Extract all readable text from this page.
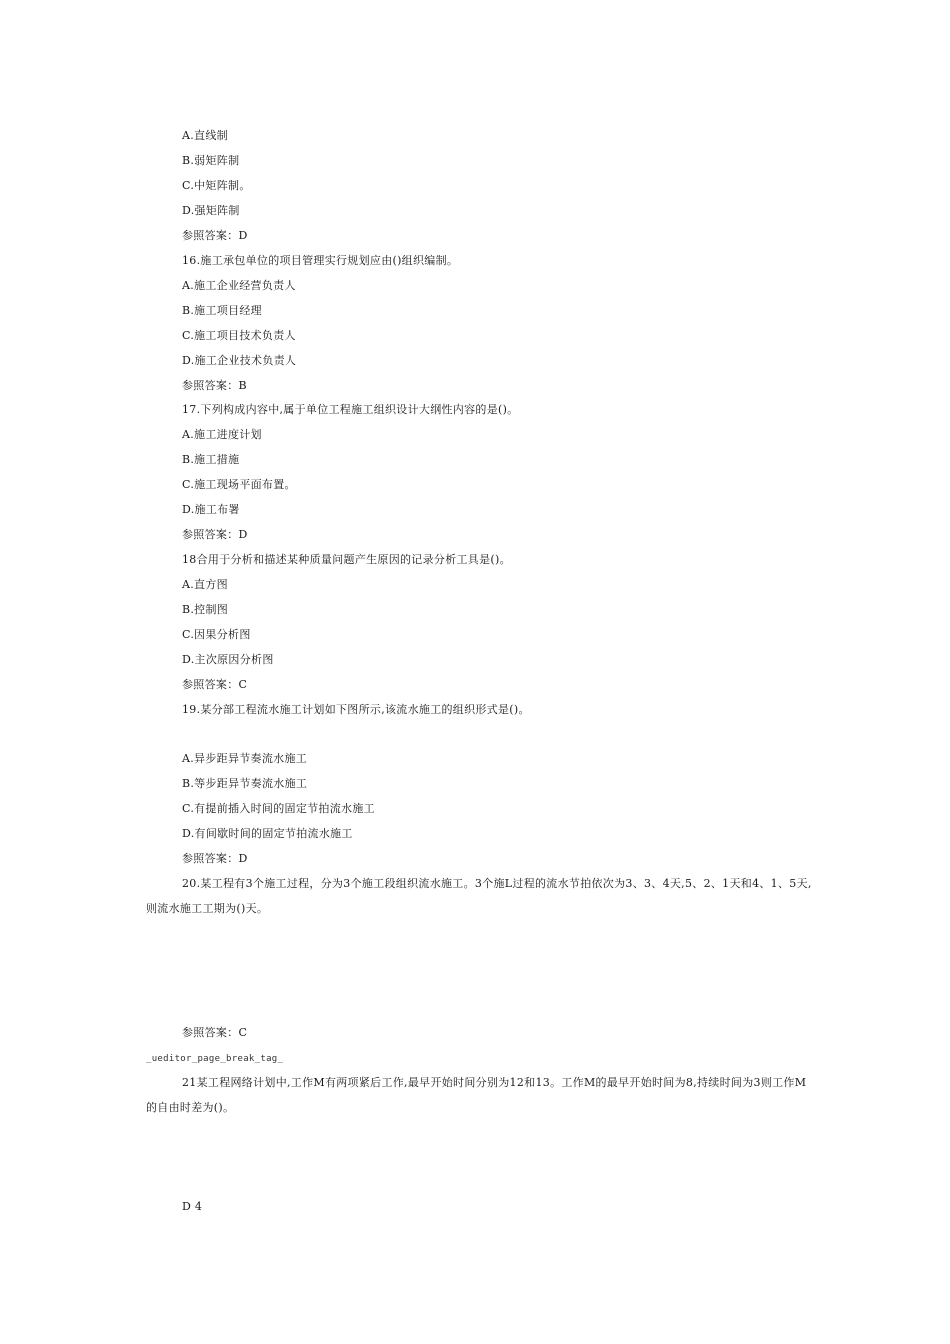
A.直线制
B.弱矩阵制
C.中矩阵制。
D.强矩阵制
参照答案：D
16.施工承包单位的项目管理实行规划应由()组织编制。
A.施工企业经营负责人
B.施工项目经理
C.施工项目技术负责人
D.施工企业技术负责人
参照答案：B
17.下列构成内容中,属于单位工程施工组织设计大纲性内容的是()。
A.施工进度计划
B.施工措施
C.施工现场平面布置。
D.施工布署
参照答案：D
18合用于分析和描述某种质量问题产生原因的记录分析工具是()。
A.直方图
B.控制图
C.因果分析图
D.主次原因分析图
参照答案：C
19.某分部工程流水施工计划如下图所示,该流水施工的组织形式是()。
A.异步距异节奏流水施工
B.等步距异节奏流水施工
C.有提前插入时间的固定节拍流水施工
D.有间歇时间的固定节拍流水施工
参照答案：D
20.某工程有3个施工过程，分为3个施工段组织流水施工。3个施L过程的流水节拍依次为3、3、4天,5、2、1天和4、1、5天,
则流水施工工期为()天。
参照答案：C
_ueditor_page_break_tag_
21某工程网络计划中,工作M有两项紧后工作,最早开始时间分别为12和13。工作M的最早开始时间为8,持续时间为3则工作M
的自由时差为()。
D 4
